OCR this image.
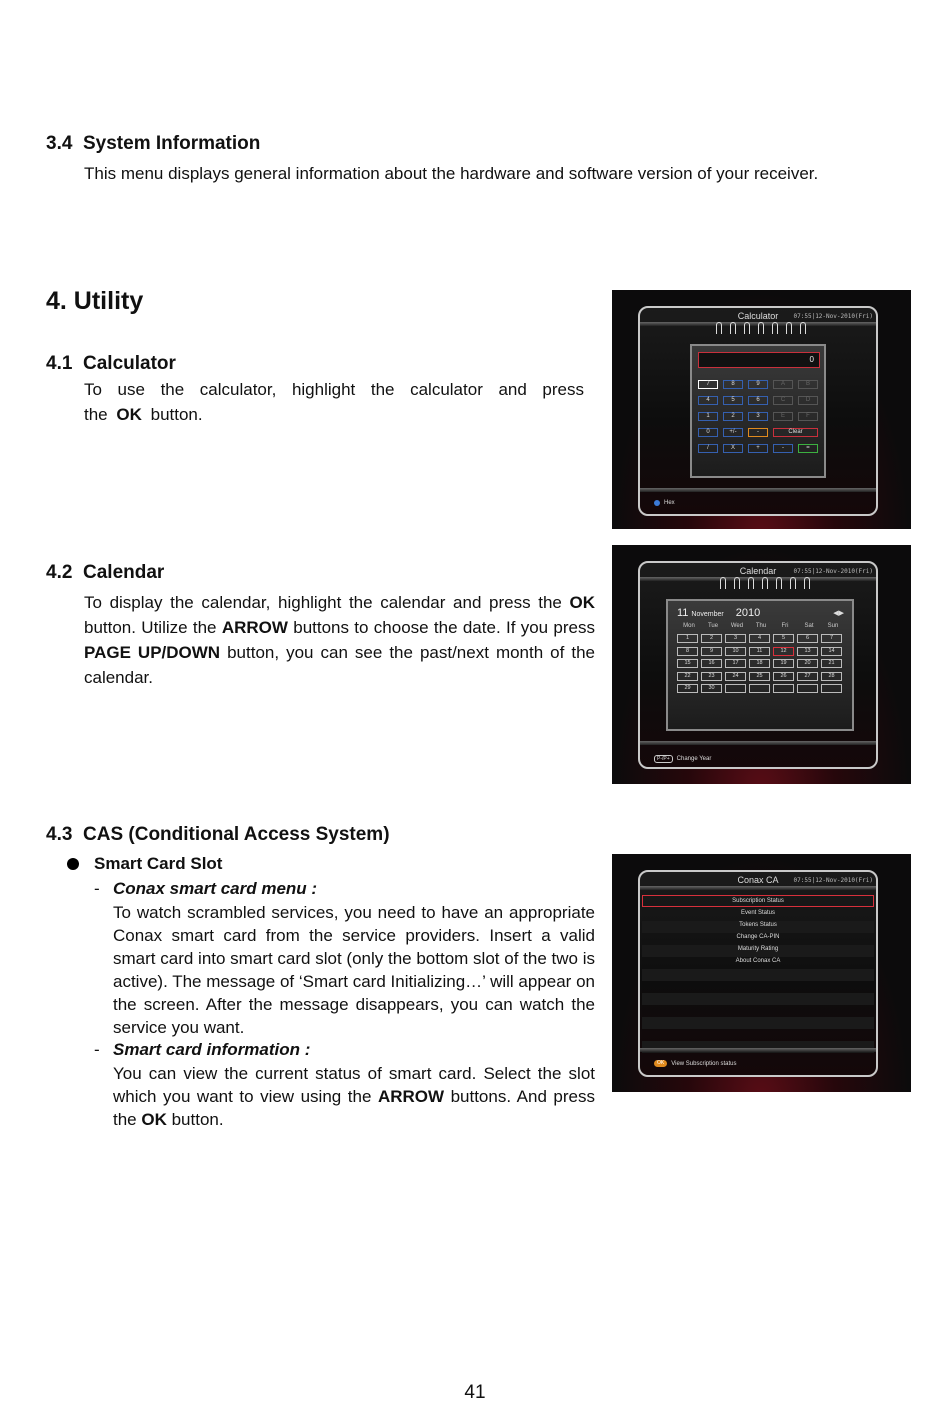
3.4 System Information
This menu displays general information about the hardware and software version of your receiver.
4. Utility
4.1 Calculator
To use the calculator, highlight the calculator and press
the OK button.
Calculator	07:55|12-Nov-2010(Fri)
0
7	8	9	A	B
4	5	6	C	D
1	2	3	E	F
0	+/-	-	Clear
/	X	+	-	=
Hex
4.2 Calendar
To display the calendar, highlight the calendar and press the OK button. Utilize the ARROW buttons to choose the date. If you press PAGE UP/DOWN button, you can see the past/next month of the calendar.
Calendar	07:55|12-Nov-2010(Fri)
11 November 2010	◀▶
Mon	Tue	Wed	Thu	Fri	Sat	Sun
1	2	3	4	5	6	7
8	9	10	11	12	13	14
15	16	17	18	19	20	21
22	23	24	25	26	27	28
29	30
P-/P+	Change Year
4.3 CAS (Conditional Access System)
Smart Card Slot
- Conax smart card menu :
To watch scrambled services, you need to have an appropriate Conax smart card from the service providers. Insert a valid smart card into smart card slot (only the bottom slot of the two is active). The message of ‘Smart card Initializing…’ will appear on the screen. After the message disappears, you can watch the service you want.
- Smart card information :
You can view the current status of smart card. Select the slot which you want to view using the ARROW buttons. And press the OK button.
Conax CA	07:55|12-Nov-2010(Fri)
Subscription Status
Event Status
Tokens Status
Change CA-PIN
Maturity Rating
About Conax CA
OK	View Subscription status
41
